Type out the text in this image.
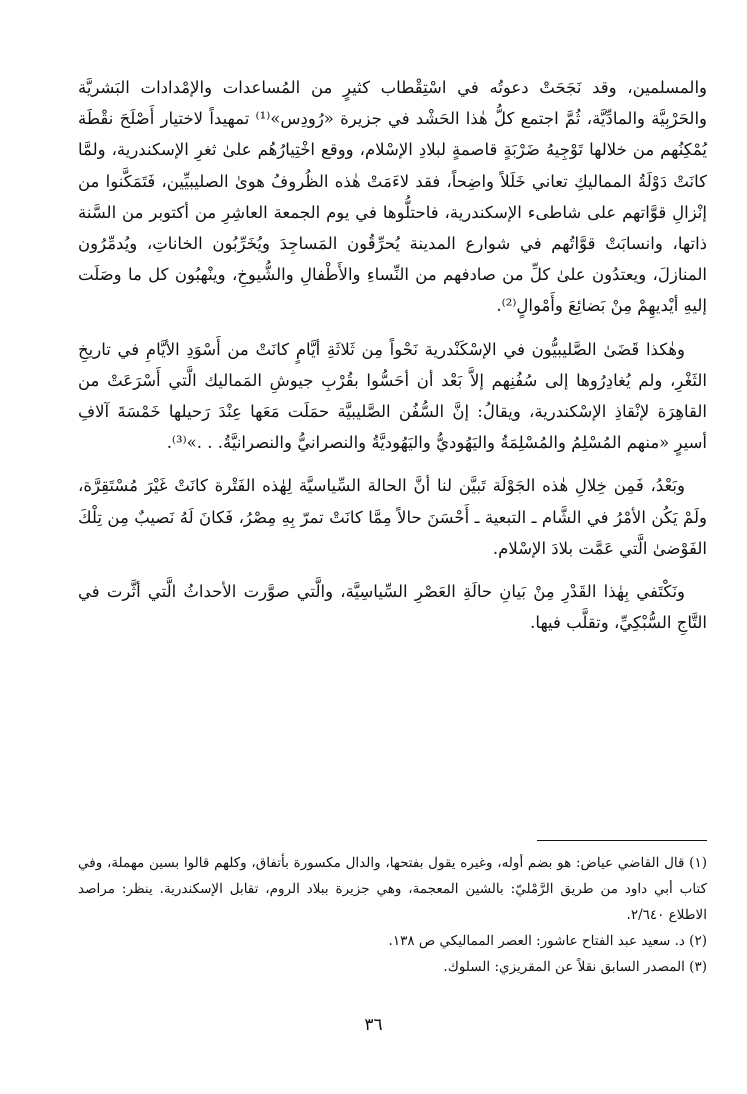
والمسلمين، وقد نَجَحَتْ دعوتُه في اسْتِقْطاب كثيرٍ من المُساعدات والإمْدادات البَشريَّة والحَرْبِيَّة والمادِّيَّة، ثُمَّ اجتمع كلُّ هٰذا الحَشْد في جزيرة «رُودِس»⁽¹⁾ تمهيداً لاختيار أَصْلَحَ نقْطَة يُمْكِنُهم من خلالها تَوْجِيهُ ضَرْبَةٍ قاصمةٍ لبلادِ الإسْلام، ووقع اخْتِيارُهُم علىٰ ثغرِ الإسكندرية، ولمَّا كانَتْ دَوْلَةُ المماليكِ تعاني خَلَلاً واضِحاً، فقد لاءَمَتْ هٰذه الظُروفُ هوىٰ الصليبيِّين، فَتَمَكَّنوا من إنْزالِ قوَّاتهم على شاطىء الإسكندرية، فاحتلُّوها في يوم الجمعة العاشِرِ من أكتوبر من السَّنة ذاتها، وانسابَتْ قوَّاتُهم في شوارع المدينة يُحرِّقُون المَساجِدَ ويُخَرِّبُون الخاناتِ، ويُدمِّرُون المنازلَ، ويعتدُون علىٰ كلِّ من صادفهم من النِّساءِ والأَطْفالِ والشُّيوخِ، وينْهبُون كل ما وصَلَت إليهِ أيْديهِمْ مِنْ بَضائِعَ وأَمْوالٍ⁽²⁾.

وهٰكذا قَضَىٰ الصَّليبيُّون في الإسْكَنْدرية نَحْواً مِن ثَلاثَةِ أيَّامٍ كانَتْ من أَسْوَدِ الأيَّامِ في تاريخِ الثَغْرِ، ولم يُغادِرُوها إلى سُفُنِهم إلاَّ بَعْد أن أحَسُّوا بقُرْبِ جيوشِ المَماليك الَّتي أَسْرَعَتْ من القاهِرَة لإنْقاذِ الإسْكندرية، ويقالُ: إنَّ السُّفُن الصَّليبيَّة حمَلَت مَعَها عِنْدَ رَحيلها خَمْسَةَ آلافِ أسيرٍ «منهم المُسْلِمُ والمُسْلِمَةُ واليَهُوديُّ واليَهُوديَّةُ والنصرانيُّ والنصرانيَّةُ. . .»⁽³⁾.

وبَعْدُ، فَمِن خِلالِ هٰذه الجَوْلَة تَبيَّن لنا أنَّ الحالة السِّياسيَّة لِهٰذه الفَتْرة كانَتْ غَيْرَ مُسْتَقِرَّة، ولَمْ يَكُن الأمْرُ في الشَّام ـ التبعية ـ أَحْسَنَ حالاً مِمَّا كانَتْ تمرّ بِهِ مِصْرُ، فَكانَ لَهُ نَصيبٌ مِن تِلْكَ الفَوْضىٰ الَّتي عَمَّت بلادَ الإسْلام.

ونَكْتَفي بِهٰذا القَدْرِ مِنْ بَيانِ حالَةِ العَصْرِ السِّياسِيَّة، والَّتي صوَّرت الأحداثُ الَّتي أثَّرت في التَّاجِ السُّبْكِيِّ، وتقلَّب فيها.

(١) قال القاضي عياض: هو بضم أوله، وغيره يقول بفتحها، والدال مكسورة بأتفاق، وكلهم قالوا بسين مهملة، وفي كتاب أبي داود من طريق الرَّمْليّ: بالشين المعجمة، وهي جزيرة ببلاد الروم، تقابل الإسكندرية. ينظر: مراصد الاطلاع ٢/٦٤٠.

(٢) د. سعيد عبد الفتاح عاشور: العصر المماليكي ص ١٣٨.

(٣) المصدر السابق نقلاً عن المقريزي: السلوك.

٣٦
